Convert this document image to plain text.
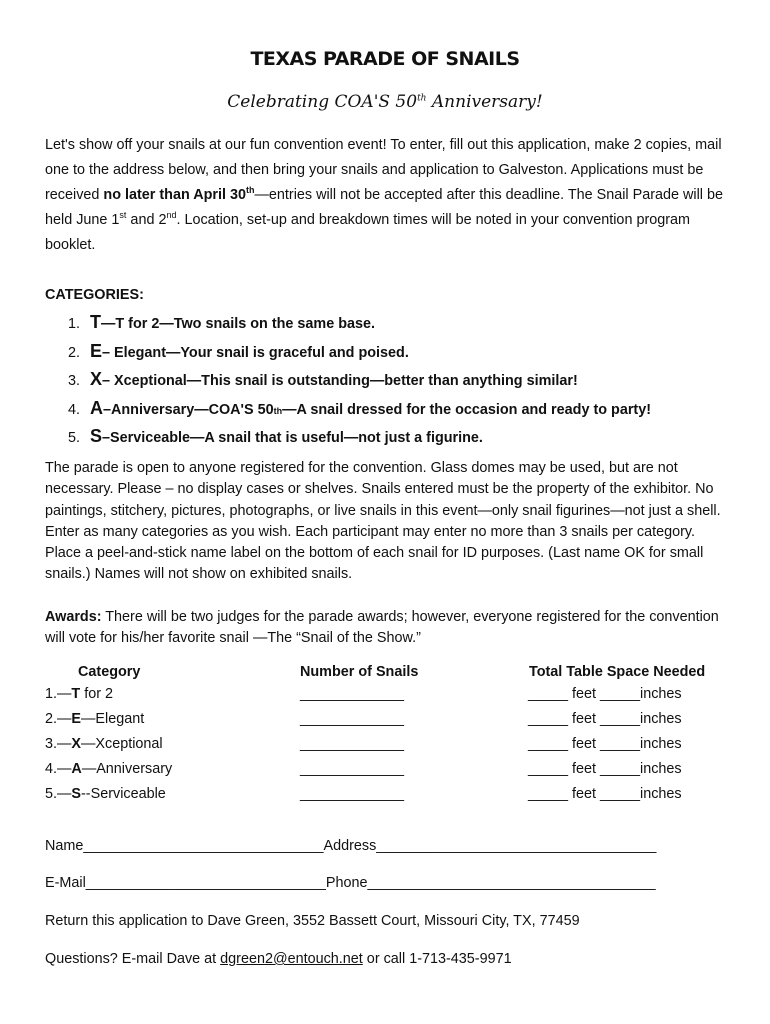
TEXAS PARADE OF SNAILS
Celebrating COA'S 50th Anniversary!
Let's show off your snails at our fun convention event! To enter, fill out this application, make 2 copies, mail one to the address below, and then bring your snails and application to Galveston. Applications must be received no later than April 30th—entries will not be accepted after this deadline. The Snail Parade will be held June 1st and 2nd. Location, set-up and breakdown times will be noted in your convention program booklet.
CATEGORIES:
1. T —T for 2—Two snails on the same base.
2. E – Elegant—Your snail is graceful and poised.
3. X – Xceptional—This snail is outstanding—better than anything similar!
4. A –Anniversary—COA'S 50 th —A snail dressed for the occasion and ready to party!
5. S –Serviceable—A snail that is useful—not just a figurine.
The parade is open to anyone registered for the convention. Glass domes may be used, but are not necessary. Please – no display cases or shelves. Snails entered must be the property of the exhibitor. No paintings, stitchery, pictures, photographs, or live snails in this event—only snail figurines—not just a shell. Enter as many categories as you wish. Each participant may enter no more than 3 snails per category. Place a peel-and-stick name label on the bottom of each snail for ID purposes. (Last name OK for small snails.) Names will not show on exhibited snails.
Awards: There will be two judges for the parade awards; however, everyone registered for the convention will vote for his/her favorite snail —The “Snail of the Show.”
Category	Number of Snails	Total Table Space Needed
1.—T for 2	_____________	_____ feet _____inches
2.—E—Elegant	_____________	_____ feet _____inches
3.—X—Xceptional	_____________	_____ feet _____inches
4.—A—Anniversary	_____________	_____ feet _____inches
5.—S--Serviceable	_____________	_____ feet _____inches
Name______________________________Address___________________________________
E-Mail______________________________Phone____________________________________
Return this application to Dave Green, 3552 Bassett Court, Missouri City, TX, 77459
Questions? E-mail Dave at dgreen2@entouch.net or call 1-713-435-9971
